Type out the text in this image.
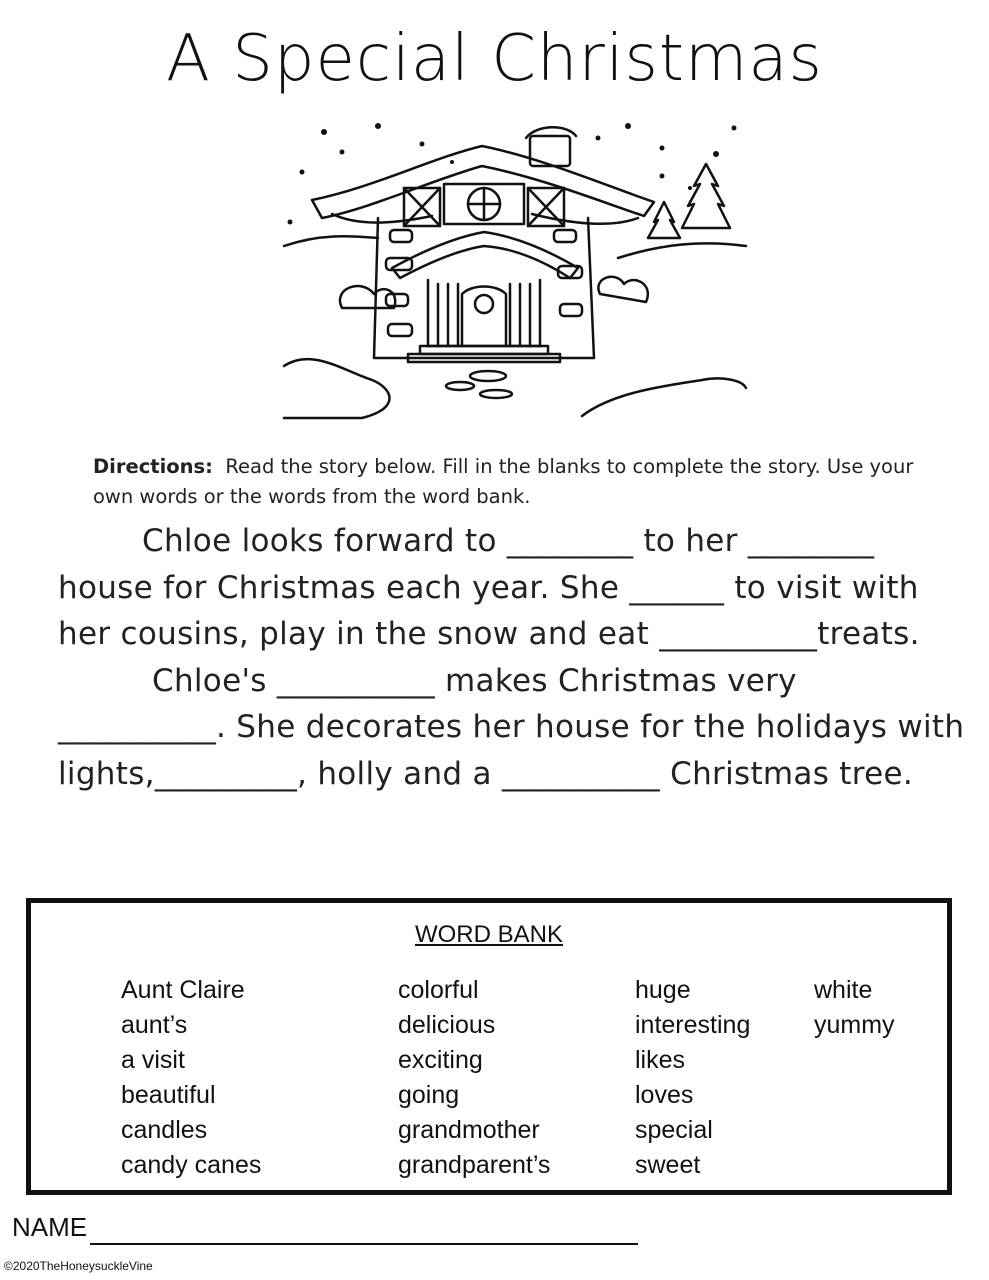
A Special Christmas
Directions: Read the story below. Fill in the blanks to complete the story. Use your own words or the words from the word bank.

Chloe looks forward to ________ to her ________ house for Christmas each year. She ______ to visit with her cousins, play in the snow and eat __________treats.

Chloe's __________ makes Christmas very __________. She decorates her house for the holidays with lights,_________, holly and a __________ Christmas tree.

WORD BANK
Aunt Claire
aunt’s
a visit
beautiful
candles
candy canes
colorful
delicious
exciting
going
grandmother
grandparent’s
huge
interesting
likes
loves
special
sweet
white
yummy
NAME
©2020TheHoneysuckleVine
